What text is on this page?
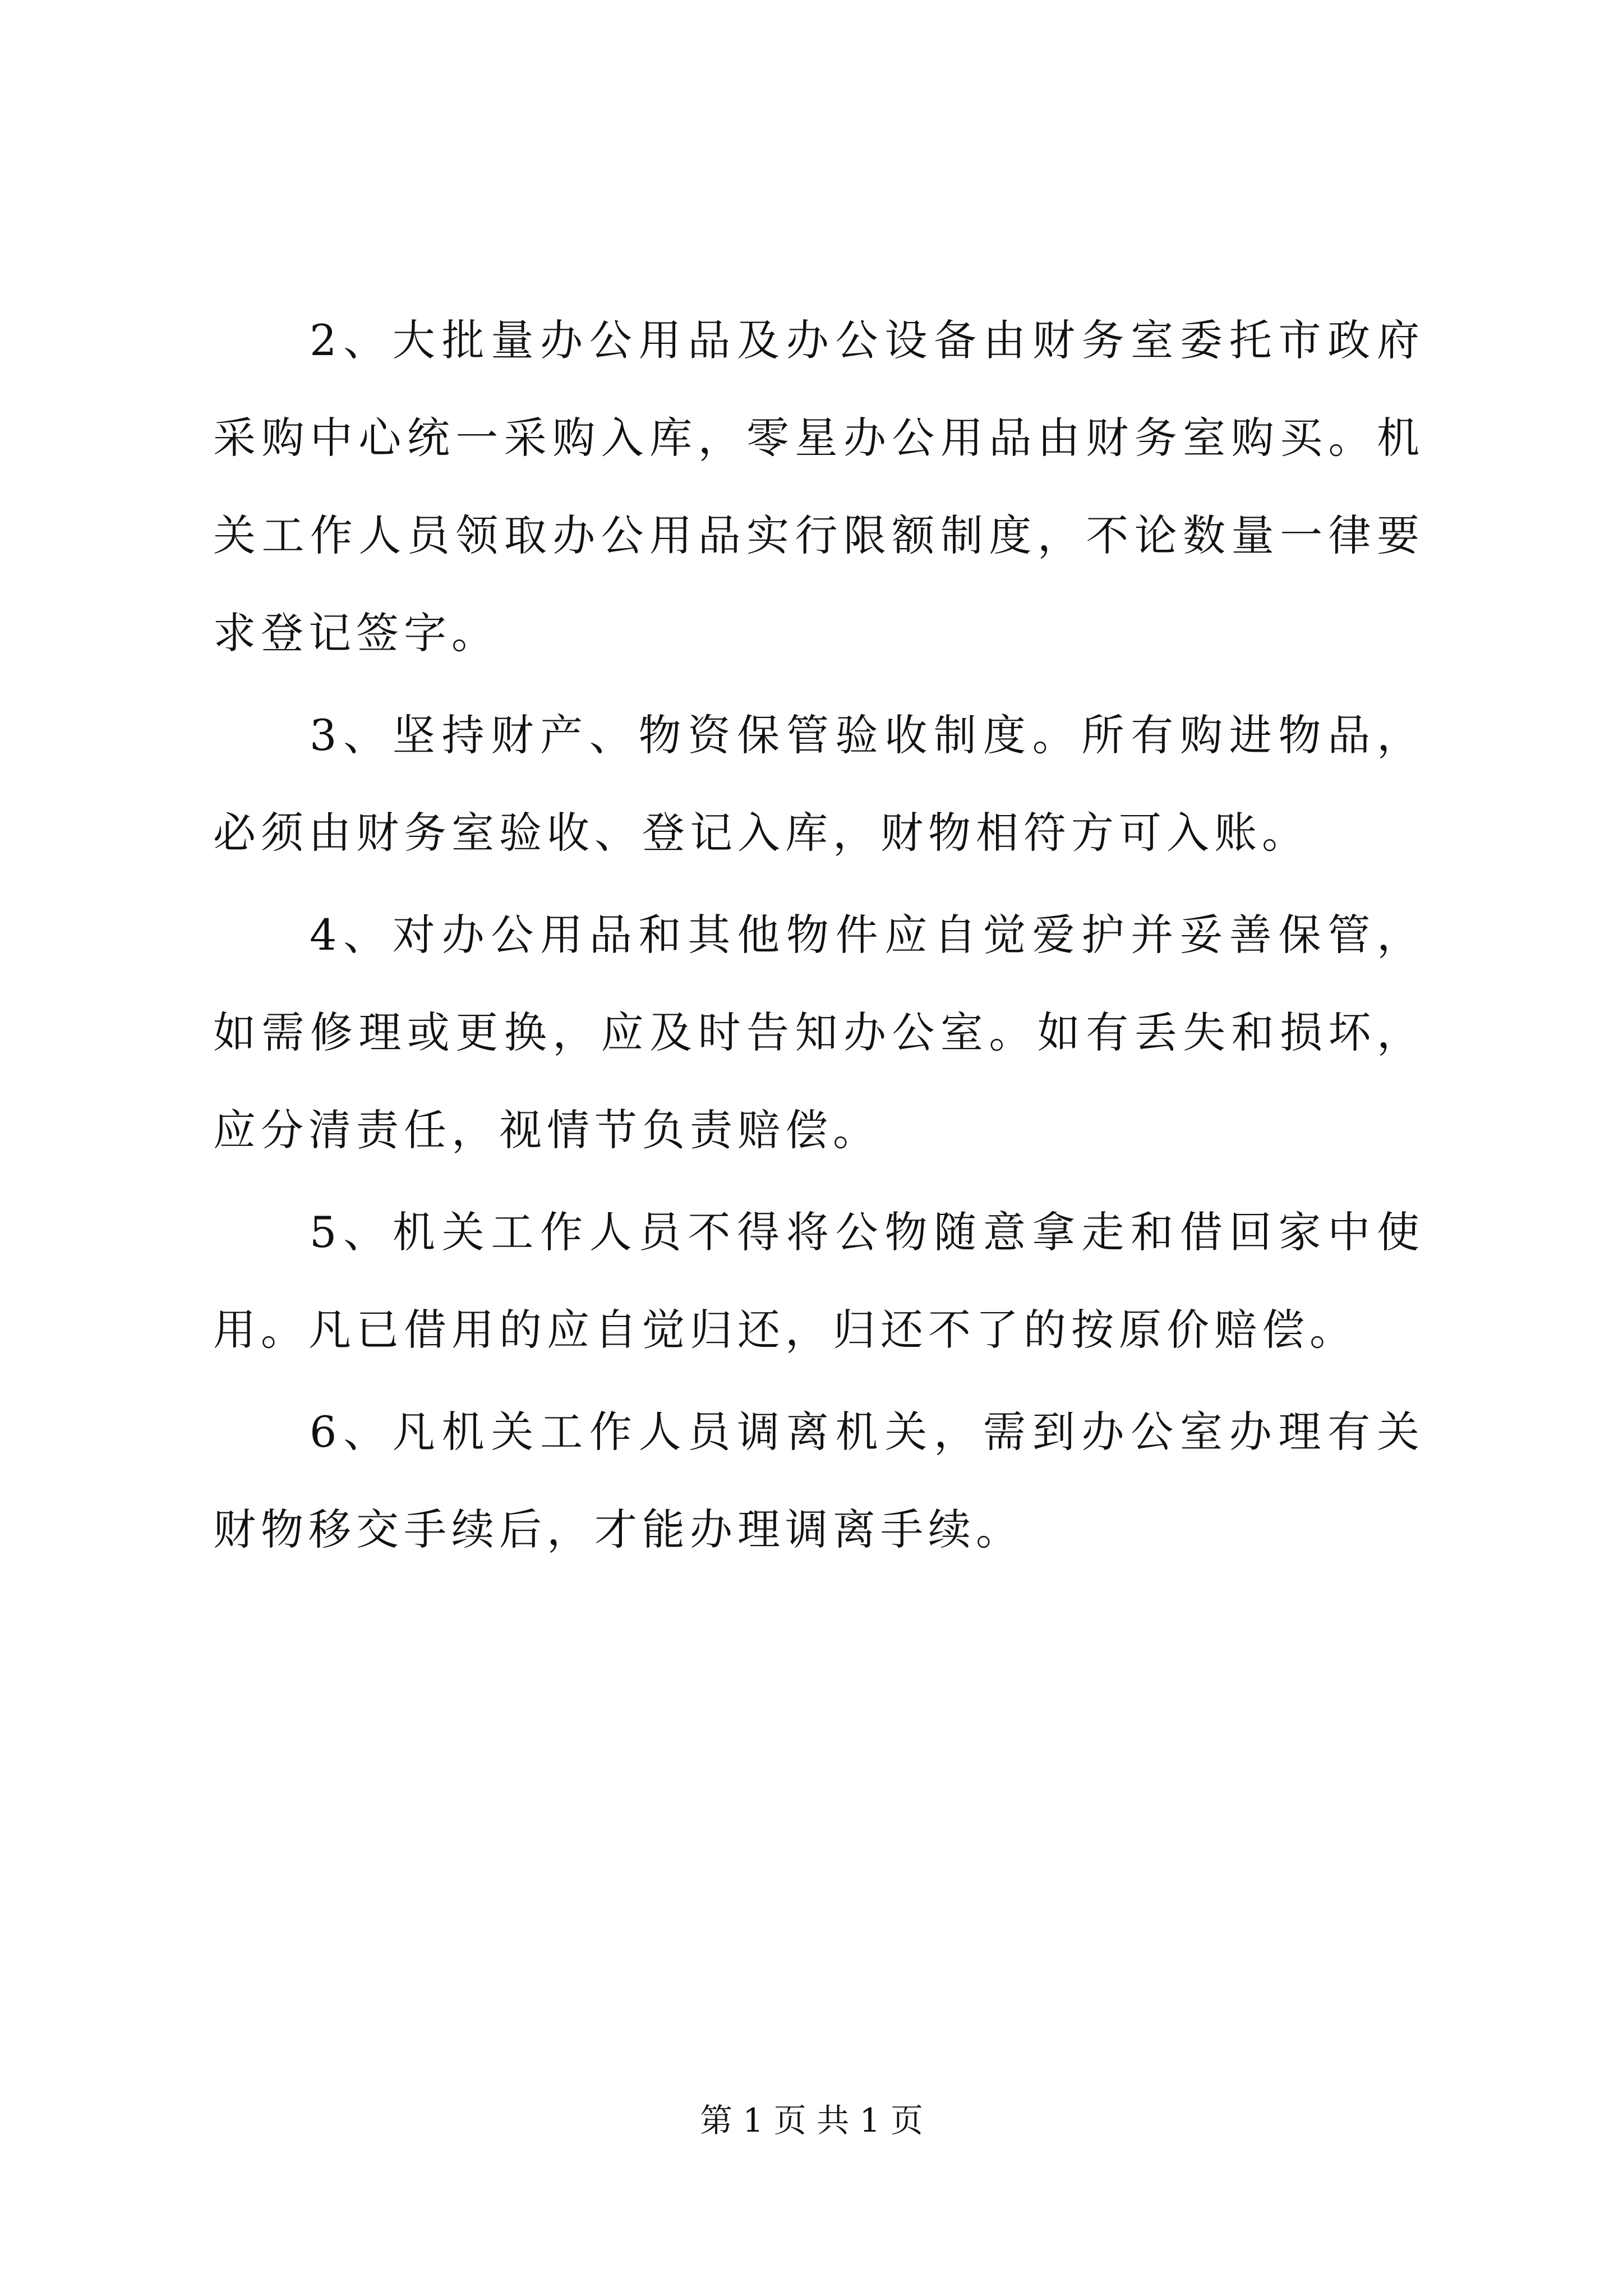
2、大批量办公用品及办公设备由财务室委托市政府采购中心统一采购入库，零星办公用品由财务室购买。机关工作人员领取办公用品实行限额制度，不论数量一律要求登记签字。

3、坚持财产、物资保管验收制度。所有购进物品，必须由财务室验收、登记入库，财物相符方可入账。

4、对办公用品和其他物件应自觉爱护并妥善保管，如需修理或更换，应及时告知办公室。如有丢失和损坏，应分清责任，视情节负责赔偿。

5、机关工作人员不得将公物随意拿走和借回家中使用。凡已借用的应自觉归还，归还不了的按原价赔偿。

6、凡机关工作人员调离机关，需到办公室办理有关财物移交手续后，才能办理调离手续。

第 1 页 共 1 页
